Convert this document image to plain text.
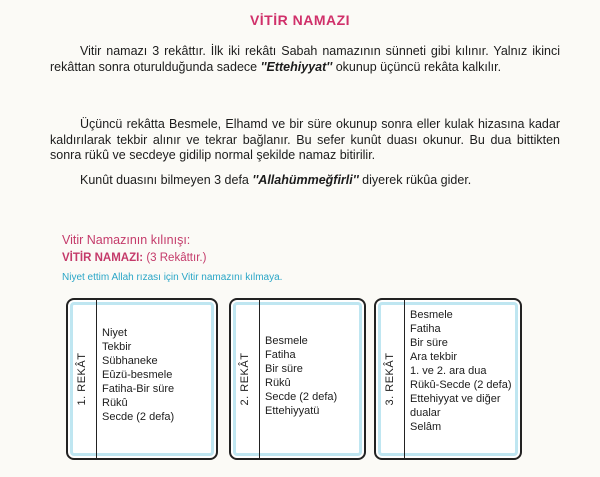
VİTİR NAMAZI

Vitir namazı 3 rekâttır. İlk iki rekâtı Sabah namazının sünneti gibi kılınır. Yalnız ikinci rekâttan sonra oturulduğunda sadece ''Ettehiyyat'' okunup üçüncü rekâta kalkılır.

Üçüncü rekâtta Besmele, Elhamd ve bir süre okunup sonra eller kulak hizasına kadar kaldırılarak tekbir alınır ve tekrar bağlanır. Bu sefer kunût duası okunur. Bu dua bittikten sonra rükû ve secdeye gidilip normal şekilde namaz bitirilir.

Kunût duasını bilmeyen 3 defa ''Allahümmeğfirli'' diyerek rükûa gider.

Vitir Namazının kılınışı:
VİTİR NAMAZI: (3 Rekâttır.)
Niyet ettim Allah rızası için Vitir namazını kılmaya.
1. REKÂT
Niyet
Tekbir
Sübhaneke
Eûzü-besmele
Fatiha-Bir süre
Rükû
Secde (2 defa)
2. REKÂT
Besmele
Fatiha
Bir süre
Rükû
Secde (2 defa)
Ettehiyyatü
3. REKÂT
Besmele
Fatiha
Bir süre
Ara tekbir
1. ve 2. ara dua
Rükû-Secde (2 defa)
Ettehiyyat ve diğer
dualar
Selâm
